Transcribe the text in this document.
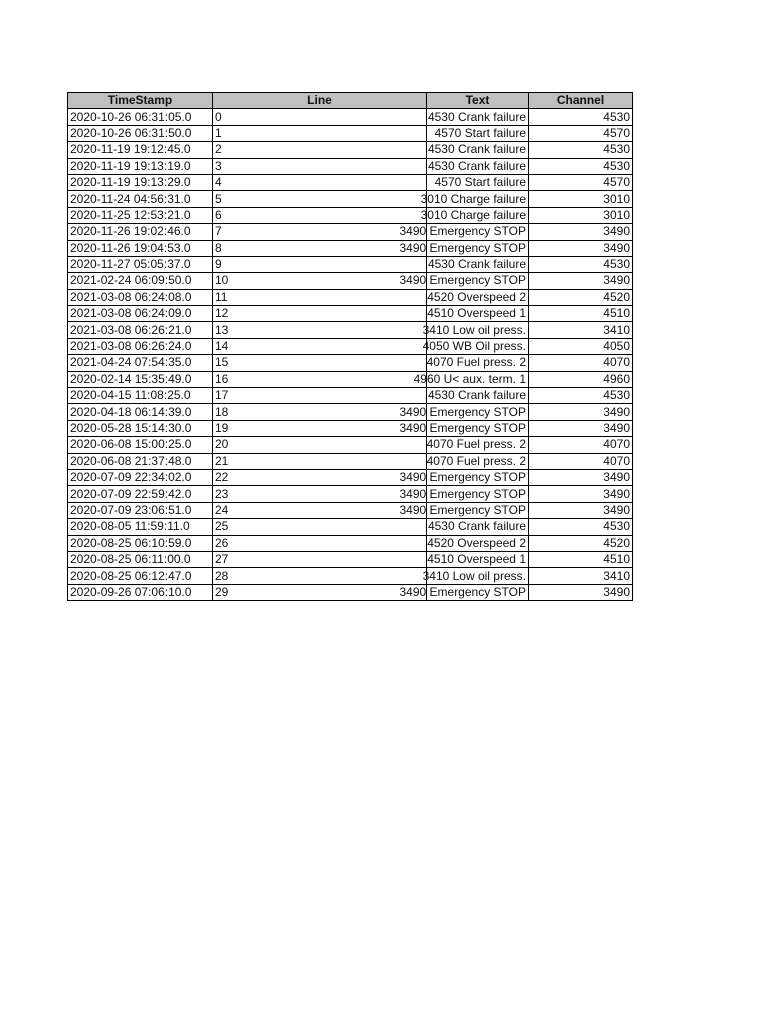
TimeStamp	Line	Text	Channel
2020-10-26 06:31:05.0	0	4530 Crank failure	4530
2020-10-26 06:31:50.0	1	4570 Start failure	4570
2020-11-19 19:12:45.0	2	4530 Crank failure	4530
2020-11-19 19:13:19.0	3	4530 Crank failure	4530
2020-11-19 19:13:29.0	4	4570 Start failure	4570
2020-11-24 04:56:31.0	5	3010 Charge failure	3010
2020-11-25 12:53:21.0	6	3010 Charge failure	3010
2020-11-26 19:02:46.0	7	3490 Emergency STOP	3490
2020-11-26 19:04:53.0	8	3490 Emergency STOP	3490
2020-11-27 05:05:37.0	9	4530 Crank failure	4530
2021-02-24 06:09:50.0	10	3490 Emergency STOP	3490
2021-03-08 06:24:08.0	11	4520 Overspeed 2	4520
2021-03-08 06:24:09.0	12	4510 Overspeed 1	4510
2021-03-08 06:26:21.0	13	3410 Low oil press.	3410
2021-03-08 06:26:24.0	14	4050 WB Oil press.	4050
2021-04-24 07:54:35.0	15	4070 Fuel press. 2	4070
2020-02-14 15:35:49.0	16	4960 U< aux. term. 1	4960
2020-04-15 11:08:25.0	17	4530 Crank failure	4530
2020-04-18 06:14:39.0	18	3490 Emergency STOP	3490
2020-05-28 15:14:30.0	19	3490 Emergency STOP	3490
2020-06-08 15:00:25.0	20	4070 Fuel press. 2	4070
2020-06-08 21:37:48.0	21	4070 Fuel press. 2	4070
2020-07-09 22:34:02.0	22	3490 Emergency STOP	3490
2020-07-09 22:59:42.0	23	3490 Emergency STOP	3490
2020-07-09 23:06:51.0	24	3490 Emergency STOP	3490
2020-08-05 11:59:11.0	25	4530 Crank failure	4530
2020-08-25 06:10:59.0	26	4520 Overspeed 2	4520
2020-08-25 06:11:00.0	27	4510 Overspeed 1	4510
2020-08-25 06:12:47.0	28	3410 Low oil press.	3410
2020-09-26 07:06:10.0	29	3490 Emergency STOP	3490
